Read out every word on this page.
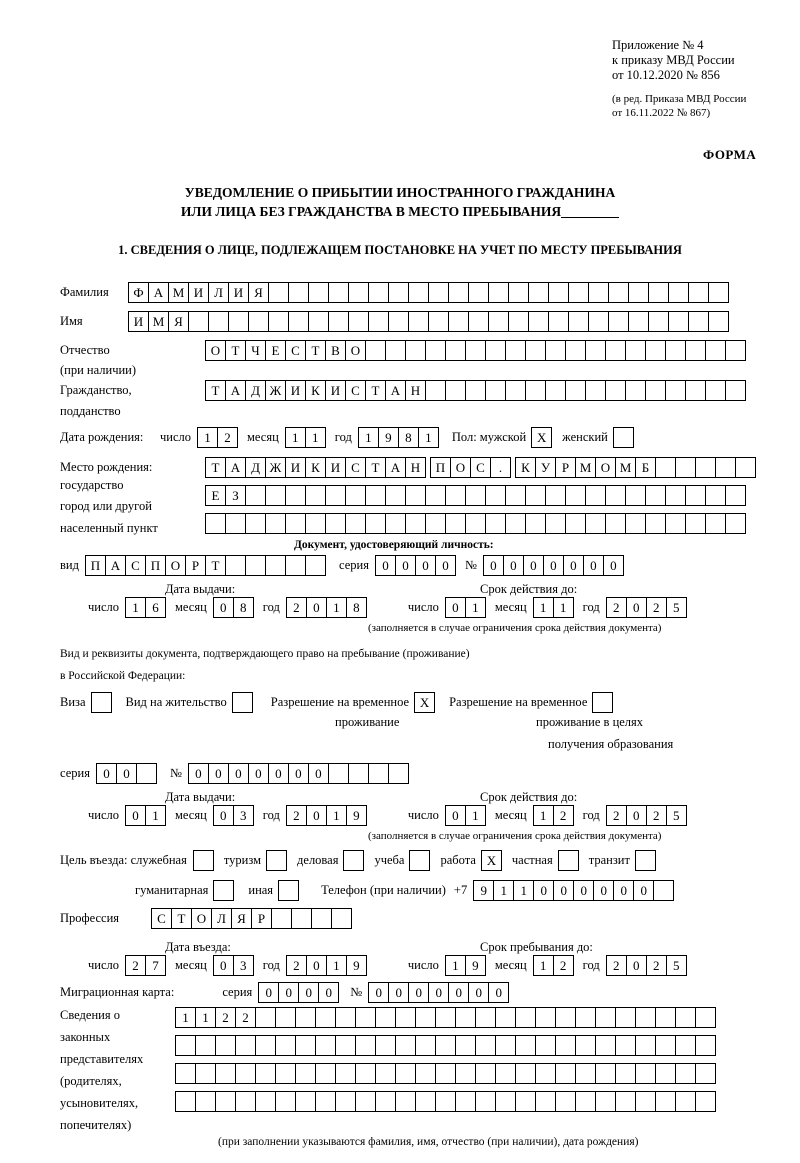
Приложение № 4
к приказу МВД России
от 10.12.2020 № 856
(в ред. Приказа МВД России
от 16.11.2022 № 867)
ФОРМА
УВЕДОМЛЕНИЕ О ПРИБЫТИИ ИНОСТРАННОГО ГРАЖДАНИНА
ИЛИ ЛИЦА БЕЗ ГРАЖДАНСТВА В МЕСТО ПРЕБЫВАНИЯ
1. СВЕДЕНИЯ О ЛИЦЕ, ПОДЛЕЖАЩЕМ ПОСТАНОВКЕ НА УЧЕТ ПО МЕСТУ ПРЕБЫВАНИЯ
Фамилия	Ф А М И Л И Я
Имя	И М Я
Отчество	О Т Ч Е С Т В О
(при наличии)
Гражданство,	Т А Д Ж И К И С Т А Н
подданство
Дата рождения:	число	1	2	месяц	1	1	год	1	9	8	1	Пол: мужской X	женский
Место рождения:	Т А Д Ж И К И С Т А Н	П О С	.	К У Р М О М Б
государство
Е З
город или другой
населенный пункт
Документ, удостоверяющий личность:
вид П А С П О Р Т	серия	0	0	0	0	№	0	0	0	0	0	0	0
Дата выдачи:	Срок действия до:
число	1	6	месяц	0	8	год	2	0	1	8	число	0	1	месяц	1	1	год	2	0	2	5
(заполняется в случае ограничения срока действия документа)
Вид и реквизиты документа, подтверждающего право на пребывание (проживание)
в Российской Федерации:
Виза	Вид на жительство	Разрешение на временное X	Разрешение на временное
проживание	проживание в целях
получения образования
серия	0	0	№	0	0	0	0	0	0	0
Дата выдачи:	Срок действия до:
число	0	1	месяц	0	3	год	2	0	1	9	число	0	1	месяц	1	2	год	2	0	2	5
(заполняется в случае ограничения срока действия документа)
Цель въезда: служебная	туризм	деловая	учеба	работа X	частная	транзит
гуманитарная	иная	Телефон (при наличии) +7	9	1	1	0	0	0	0	0	0
Профессия	С Т О Л Я Р
Дата въезда:	Срок пребывания до:
число	2	7	месяц	0	3	год	2	0	1	9	число	1	9	месяц	1	2	год	2	0	2	5
Миграционная карта:	серия	0	0	0	0	№	0	0	0	0	0	0	0
Сведения о
законных
представителях
(родителях,
усыновителях,
попечителях)
1	1	2	2
(при заполнении указываются фамилия, имя, отчество (при наличии), дата рождения)
